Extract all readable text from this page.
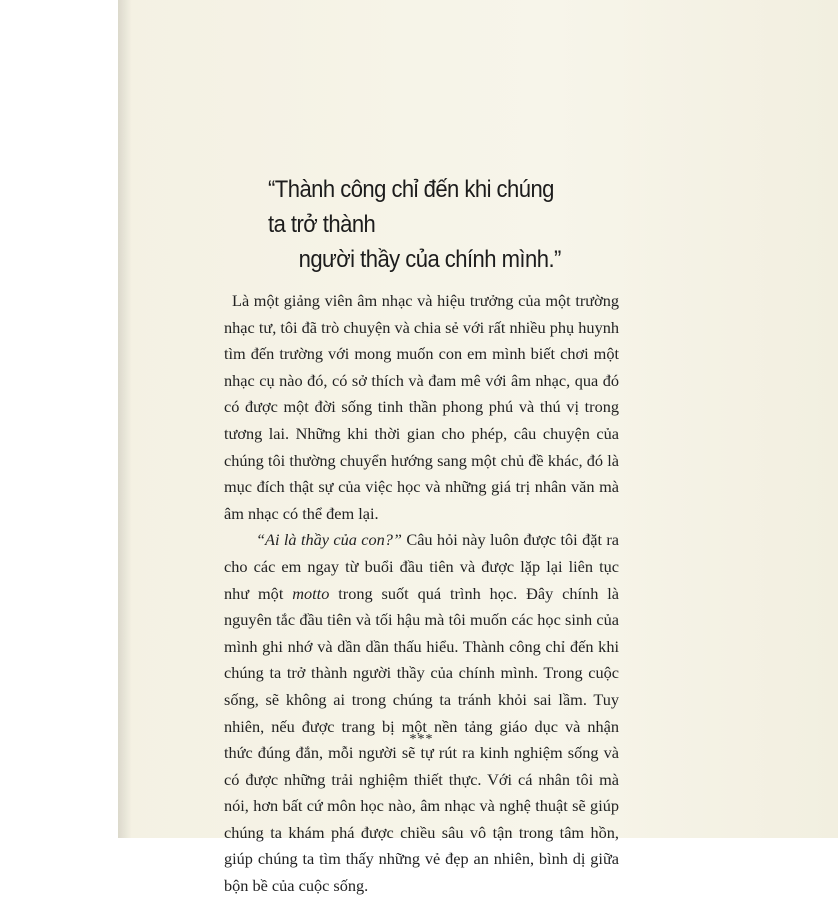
“Thành công chỉ đến khi chúng ta trở thành
người thầy của chính mình.”

Là một giảng viên âm nhạc và hiệu trưởng của một trường nhạc tư, tôi đã trò chuyện và chia sẻ với rất nhiều phụ huynh tìm đến trường với mong muốn con em mình biết chơi một nhạc cụ nào đó, có sở thích và đam mê với âm nhạc, qua đó có được một đời sống tinh thần phong phú và thú vị trong tương lai. Những khi thời gian cho phép, câu chuyện của chúng tôi thường chuyển hướng sang một chủ đề khác, đó là mục đích thật sự của việc học và những giá trị nhân văn mà âm nhạc có thể đem lại.

“Ai là thầy của con?” Câu hỏi này luôn được tôi đặt ra cho các em ngay từ buổi đầu tiên và được lặp lại liên tục như một motto trong suốt quá trình học. Đây chính là nguyên tắc đầu tiên và tối hậu mà tôi muốn các học sinh của mình ghi nhớ và dần dần thấu hiểu. Thành công chỉ đến khi chúng ta trở thành người thầy của chính mình. Trong cuộc sống, sẽ không ai trong chúng ta tránh khỏi sai lầm. Tuy nhiên, nếu được trang bị một nền tảng giáo dục và nhận thức đúng đắn, mỗi người sẽ tự rút ra kinh nghiệm sống và có được những trải nghiệm thiết thực. Với cá nhân tôi mà nói, hơn bất cứ môn học nào, âm nhạc và nghệ thuật sẽ giúp chúng ta khám phá được chiều sâu vô tận trong tâm hồn, giúp chúng ta tìm thấy những vẻ đẹp an nhiên, bình dị giữa bộn bề của cuộc sống.

***
